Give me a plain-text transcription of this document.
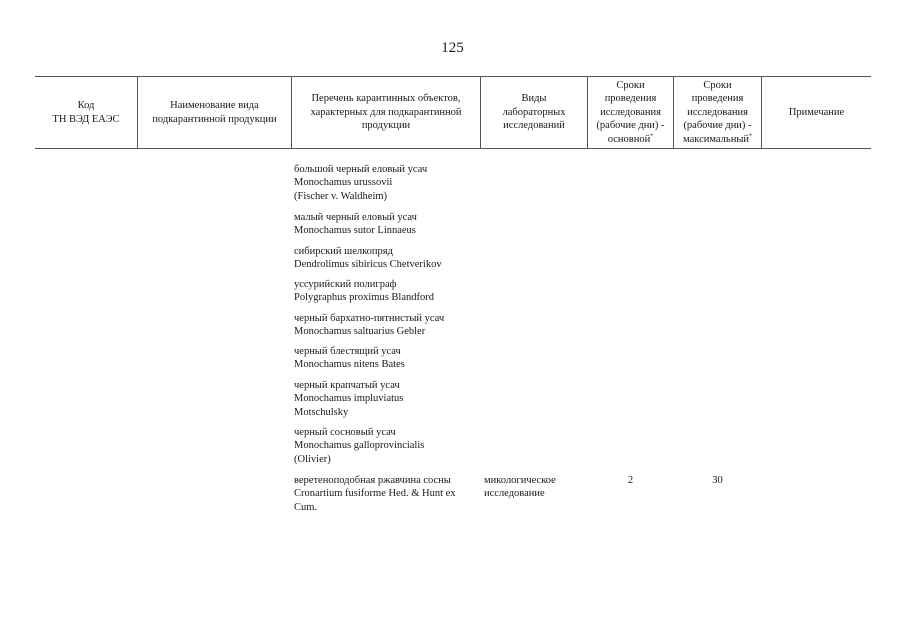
125
Код
ТН ВЭД ЕАЭС
Наименование вида
подкарантинной продукции
Перечень карантинных объектов,
характерных для подкарантинной
продукции
Виды
лабораторных
исследований
Сроки
проведения
исследования
(рабочие дни) -
основной*
Сроки
проведения
исследования
(рабочие дни) -
максимальный*
Примечание
большой черный еловый усач
Monochamus urussovii
(Fischer v. Waldheim)
малый черный еловый усач
Monochamus sutor Linnaeus
сибирский шелкопряд
Dendrolimus sibiricus Chetverikov
уссурийский полиграф
Polygraphus proximus Blandford
черный бархатно-пятнистый усач
Monochamus saltuarius Gebler
черный блестящий усач
Monochamus nitens Bates
черный крапчатый усач
Monochamus impluviatus
Motschulsky
черный сосновый усач
Monochamus galloprovincialis
(Olivier)
веретеноподобная ржавчина сосны
Cronartium fusiforme Hed. & Hunt ex
Cum.
микологическое
исследование
2	30
